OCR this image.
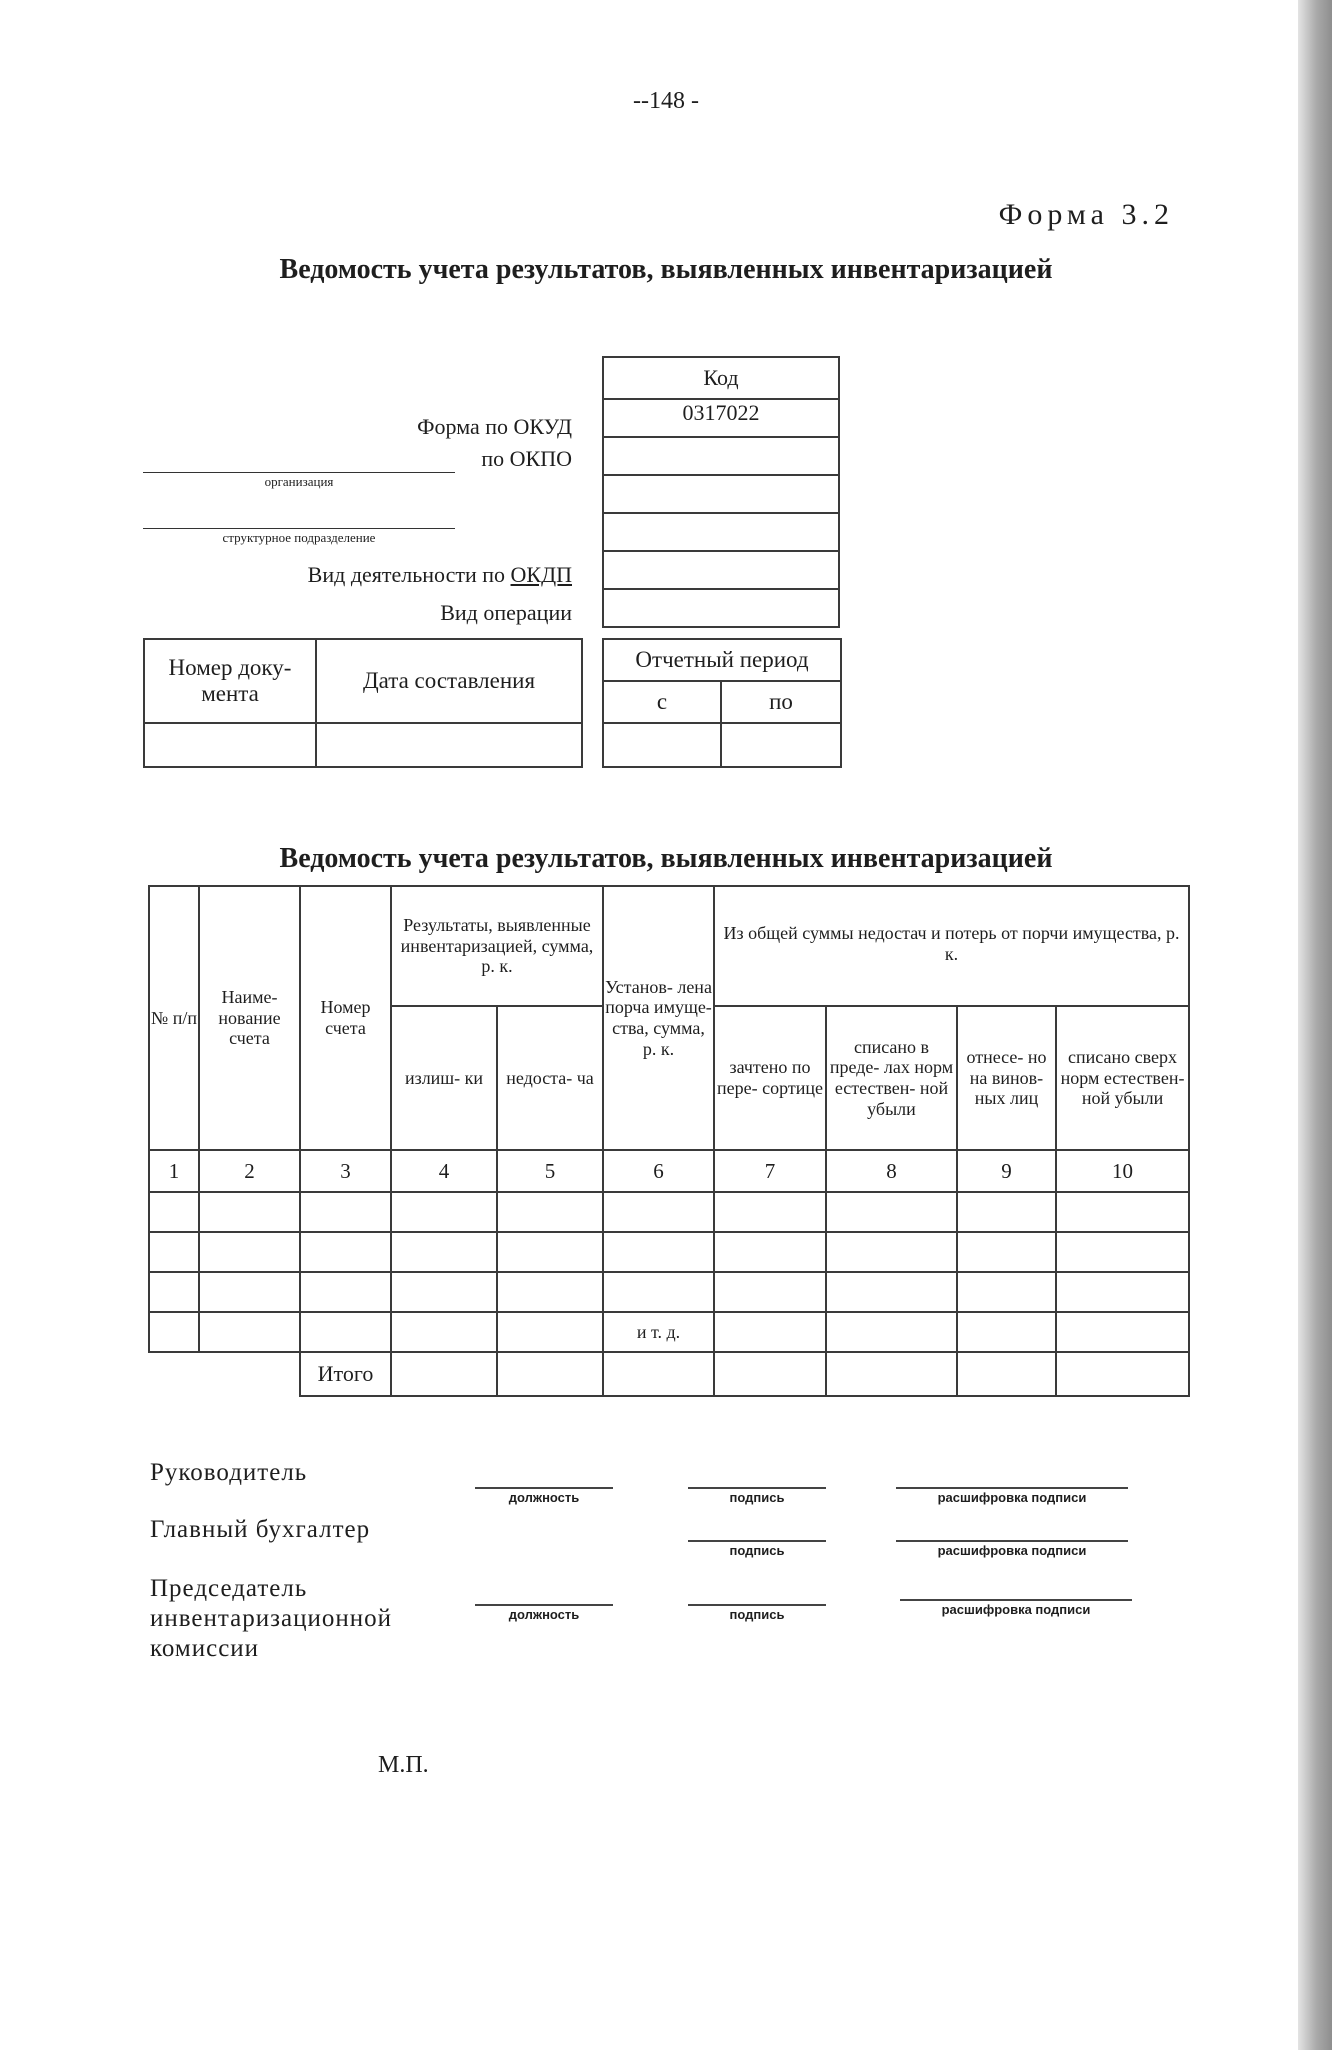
--148 -
Форма 3.2
Ведомость учета результатов, выявленных инвентаризацией
Форма по ОКУД
по ОКПО
организация
структурное подразделение
Вид деятельности по ОКДП
Вид операции
Код
0317022

Номер доку- мента	Дата составления

Отчетный период	
с	по

Ведомость учета результатов, выявленных инвентаризацией
№ п/п	Наиме- нование счета	Номер счета	Результаты, выявленные инвентаризацией, сумма, р. к.		Установ- лена порча имуще- ства, сумма, р. к.	Из общей суммы недостач и потерь от порчи имущества, р. к.			
			излиш- ки	недоста- ча		зачтено по пере- сортице	списано в преде- лах норм естествен- ной убыли	отнесе- но на винов- ных лиц	списано сверх норм естествен- ной убыли
1	2	3	4	5	6	7	8	9	10

					и т. д.				
		Итого							
Руководитель
должность	подпись	расшифровка подписи
Главный бухгалтер
подпись	расшифровка подписи
Председатель инвентаризационной комиссии
должность	подпись	расшифровка подписи
М.П.
